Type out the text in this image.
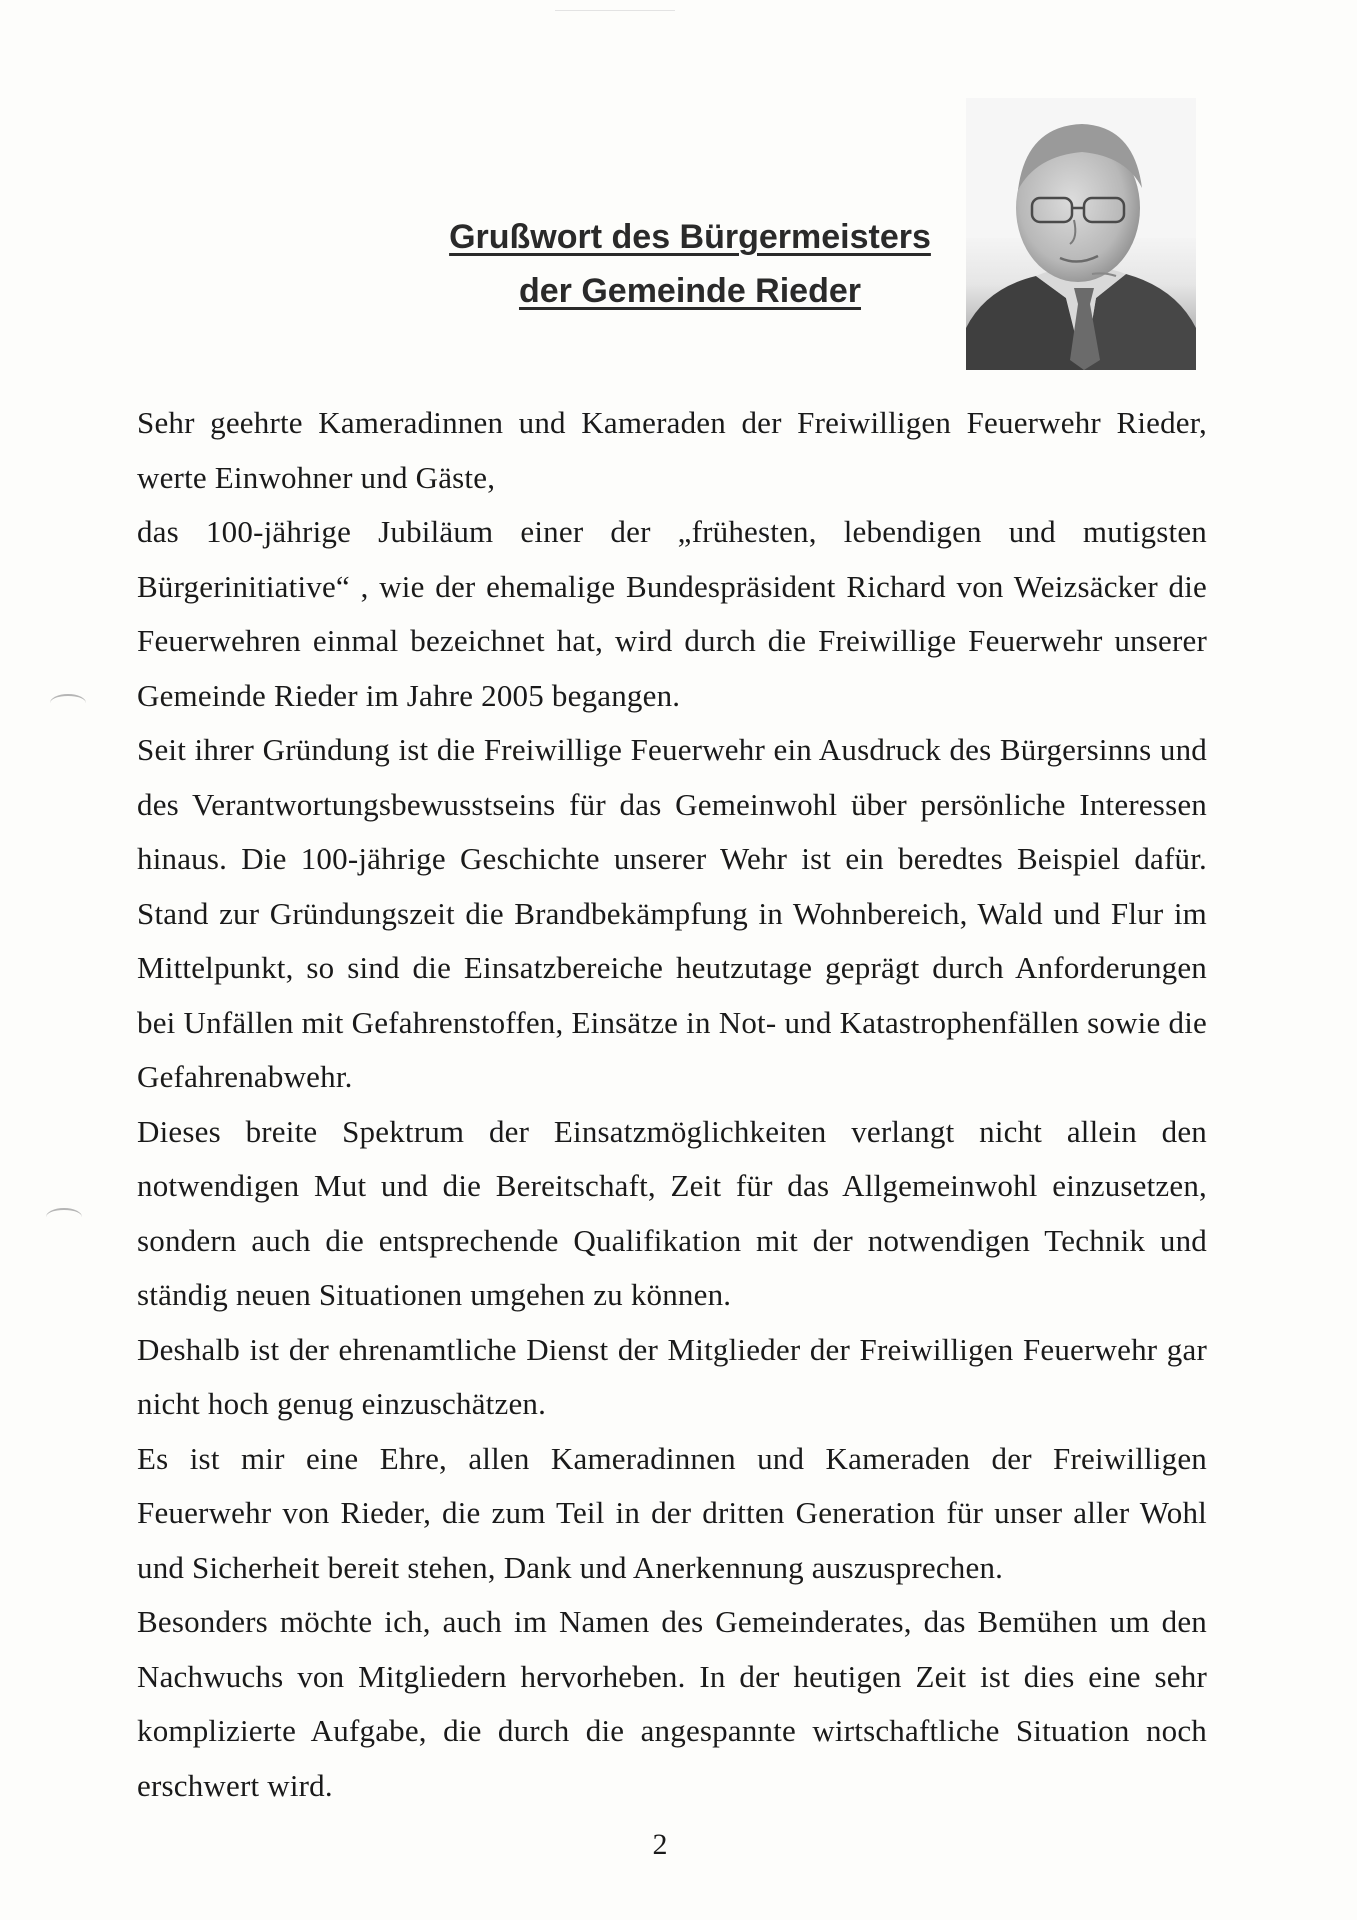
Grußwort des Bürgermeisters
der Gemeinde Rieder

Sehr geehrte Kameradinnen und Kameraden der Freiwilligen Feuerwehr Rieder, werte Einwohner und Gäste,

das 100-jährige Jubiläum einer der „frühesten, lebendigen und mutigsten Bürgerinitiative“ , wie der ehemalige Bundespräsident Richard von Weizsäcker die Feuerwehren einmal bezeichnet hat, wird durch die Freiwillige Feuerwehr unserer Gemeinde Rieder im Jahre 2005 begangen.

Seit ihrer Gründung ist die Freiwillige Feuerwehr ein Ausdruck des Bürgersinns und des Verantwortungsbewusstseins für das Gemeinwohl über persönliche Interessen hinaus. Die 100-jährige Geschichte unserer Wehr ist ein beredtes Beispiel dafür. Stand zur Gründungszeit die Brandbekämpfung in Wohnbereich, Wald und Flur im Mittelpunkt, so sind die Einsatzbereiche heutzutage geprägt durch Anforderungen bei Unfällen mit Gefahrenstoffen, Einsätze in Not- und Katastrophenfällen sowie die Gefahrenabwehr.

Dieses breite Spektrum der Einsatzmöglichkeiten verlangt nicht allein den notwendigen Mut und die Bereitschaft, Zeit für das Allgemeinwohl einzusetzen, sondern auch die entsprechende Qualifikation mit der notwendigen Technik und ständig neuen Situationen umgehen zu können.

Deshalb ist der ehrenamtliche Dienst der Mitglieder der Freiwilligen Feuerwehr gar nicht hoch genug einzuschätzen.

Es ist mir eine Ehre, allen Kameradinnen und Kameraden der Freiwilligen Feuerwehr von Rieder, die zum Teil in der dritten Generation für unser aller Wohl und Sicherheit bereit stehen, Dank und Anerkennung auszusprechen.

Besonders möchte ich, auch im Namen des Gemeinderates, das Bemühen um den Nachwuchs von Mitgliedern hervorheben. In der heutigen Zeit ist dies eine sehr komplizierte Aufgabe, die durch die angespannte wirtschaftliche Situation noch erschwert wird.

2
